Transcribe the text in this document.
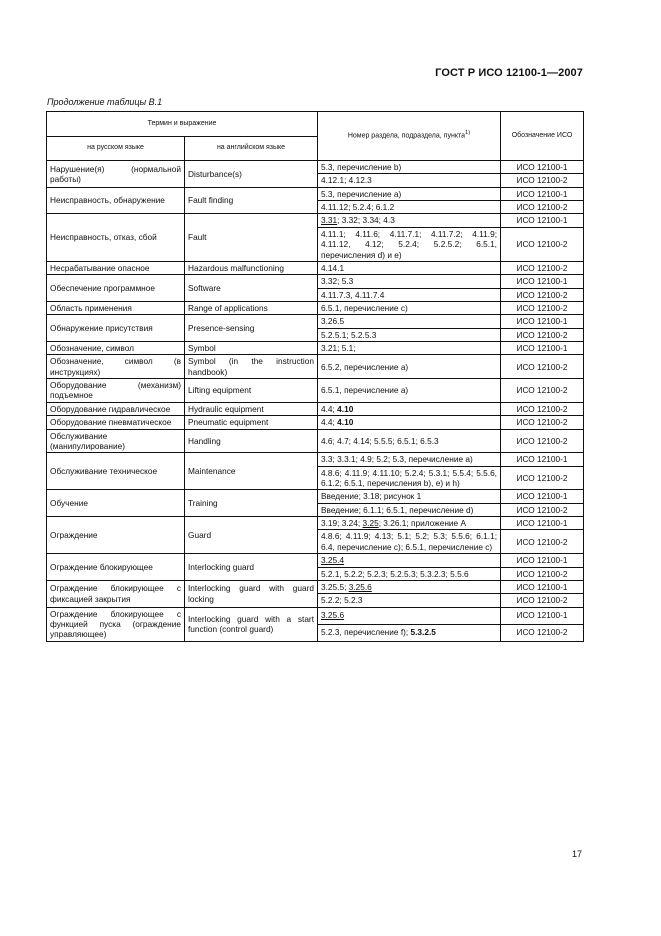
ГОСТ Р ИСО 12100-1—2007
Продолжение таблицы В.1
Термин и выражение		Номер раздела, подраздела, пункта$^{1)}$	Обозначение ИСО
на русском языке	на английском языке		
Нарушение(я) (нормальной работы)	Disturbance(s)	5.3, перечисление b)	ИСО 12100-1
		4.12.1; 4.12.3	ИСО 12100-2
Неисправность, обнаружение	Fault finding	5.3, перечисление а)	ИСО 12100-1
		4.11.12; 5.2.4; 6.1.2	ИСО 12100-2
Неисправность, отказ, сбой	Fault	3.31; 3.32; 3.34; 4.3	ИСО 12100-1
		4.11.1; 4.11.6; 4.11.7.1; 4.11.7.2; 4.11.9; 4.11.12, 4.12; 5.2.4; 5.2.5.2; 6.5.1, перечисления d) и e)	ИСО 12100-2
Несрабатывание опасное	Hazardous malfunctioning	4.14.1	ИСО 12100-2
Обеспечение программное	Software	3.32; 5.3	ИСО 12100-1
		4.11.7.3, 4.11.7.4	ИСО 12100-2
Область применения	Range of applications	6.5.1, перечисление с)	ИСО 12100-2
Обнаружение присутствия	Presence-sensing	3.26.5	ИСО 12100-1
		5.2.5.1; 5.2.5.3	ИСО 12100-2
Обозначение, символ	Symbol	3.21; 5.1;	ИСО 12100-1
Обозначение, символ (в инструкциях)	Symbol (in the instruction handbook)	6.5.2, перечисление а)	ИСО 12100-2
Оборудование (механизм) подъемное	Lifting equipment	6.5.1, перечисление а)	ИСО 12100-2
Оборудование гидравлическое	Hydraulic equipment	4.4; 4.10	ИСО 12100-2
Оборудование пневматическое	Pneumatic equipment	4.4; 4.10	ИСО 12100-2
Обслуживание (манипулирование)	Handling	4.6; 4.7; 4.14; 5.5.5; 6.5.1; 6.5.3	ИСО 12100-2
Обслуживание техническое	Maintenance	3.3; 3.3.1; 4.9; 5.2; 5.3, перечисление а)	ИСО 12100-1
		4.8.6; 4.11.9; 4.11.10; 5.2.4; 5.3.1; 5.5.4; 5.5.6, 6.1.2; 6.5.1, перечисления b), e) и h)	ИСО 12100-2
Обучение	Training	Введение; 3.18; рисунок 1	ИСО 12100-1
		Введение; 6.1.1; 6.5.1, перечисление d)	ИСО 12100-2
Ограждение	Guard	3.19; 3.24; 3.25; 3.26.1; приложение А	ИСО 12100-1
		4.8.6; 4.11.9; 4.13; 5.1; 5.2; 5.3; 5.5.6; 6.1.1; 6.4, перечисление с); 6.5.1, перечисление с)	ИСО 12100-2
Ограждение блокирующее	Interlocking guard	3.25.4	ИСО 12100-1
		5.2.1, 5.2.2; 5.2.3; 5.2.5.3; 5.3.2.3; 5.5.6	ИСО 12100-2
Ограждение блокирующее с фиксацией закрытия	Interlocking guard with guard locking	3.25.5; 3.25.6	ИСО 12100-1
		5.2.2; 5.2.3	ИСО 12100-2
Ограждение блокирующее с функцией пуска (ограждение управляющее)	Interlocking guard with a start function (control guard)	3.25.6	ИСО 12100-1
		5.2.3, перечисление f); 5.3.2.5	ИСО 12100-2
17
